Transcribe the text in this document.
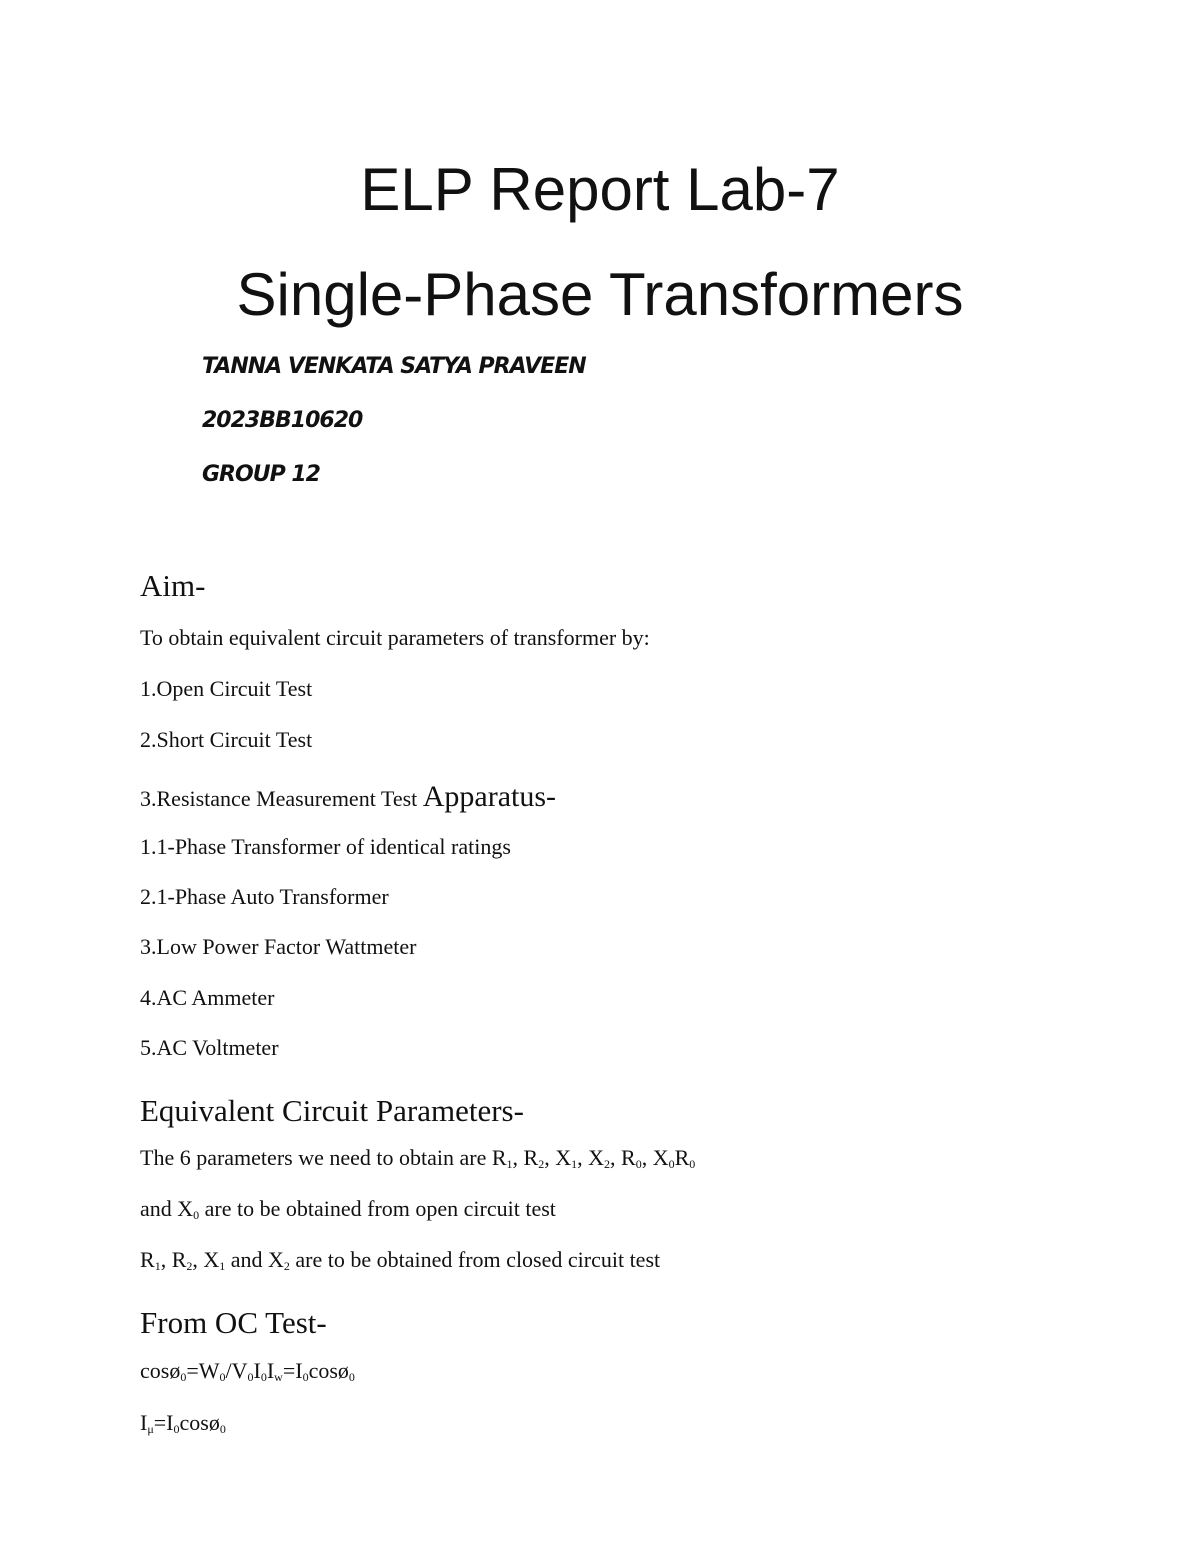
ELP Report Lab-7
Single-Phase Transformers
TANNA VENKATA SATYA PRAVEEN
2023BB10620
GROUP 12
Aim-
To obtain equivalent circuit parameters of transformer by:
1.Open Circuit Test
2.Short Circuit Test
3.Resistance Measurement Test Apparatus-
1.1-Phase Transformer of identical ratings
2.1-Phase Auto Transformer
3.Low Power Factor Wattmeter
4.AC Ammeter
5.AC Voltmeter
Equivalent Circuit Parameters-
The 6 parameters we need to obtain are $R_1$, $R_2$, $X_1$, $X_2$, $R_0$, $X_0R_0$
and $X_0$ are to be obtained from open circuit test
$R_1$, $R_2$, $X_1$ and $X_2$ are to be obtained from closed circuit test
From OC Test-
$\cos ø_0=W_0/V_0I_0I_w=I_0\cos ø_0$
$I_\mu=I_0\cos ø_0$
